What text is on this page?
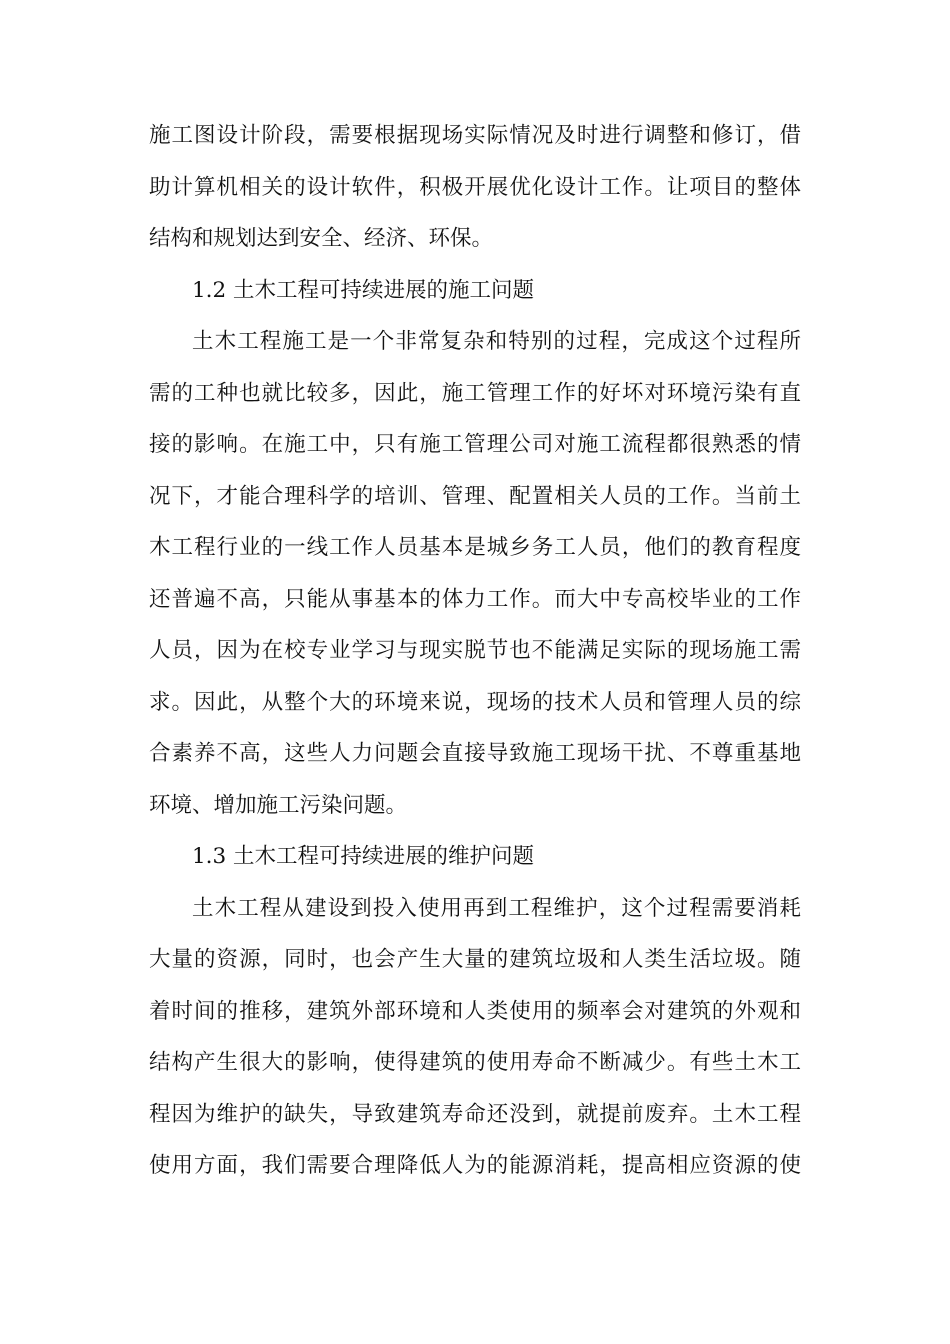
施工图设计阶段，需要根据现场实际情况及时进行调整和修订，借
助计算机相关的设计软件，积极开展优化设计工作。让项目的整体
结构和规划达到安全、经济、环保。
1.2 土木工程可持续进展的施工问题
土木工程施工是一个非常复杂和特别的过程，完成这个过程所
需的工种也就比较多，因此，施工管理工作的好坏对环境污染有直
接的影响。在施工中，只有施工管理公司对施工流程都很熟悉的情
况下，才能合理科学的培训、管理、配置相关人员的工作。当前土
木工程行业的一线工作人员基本是城乡务工人员，他们的教育程度
还普遍不高，只能从事基本的体力工作。而大中专高校毕业的工作
人员，因为在校专业学习与现实脱节也不能满足实际的现场施工需
求。因此，从整个大的环境来说，现场的技术人员和管理人员的综
合素养不高，这些人力问题会直接导致施工现场干扰、不尊重基地
环境、增加施工污染问题。
1.3 土木工程可持续进展的维护问题
土木工程从建设到投入使用再到工程维护，这个过程需要消耗
大量的资源，同时，也会产生大量的建筑垃圾和人类生活垃圾。随
着时间的推移，建筑外部环境和人类使用的频率会对建筑的外观和
结构产生很大的影响，使得建筑的使用寿命不断减少。有些土木工
程因为维护的缺失，导致建筑寿命还没到，就提前废弃。土木工程
使用方面，我们需要合理降低人为的能源消耗，提高相应资源的使
